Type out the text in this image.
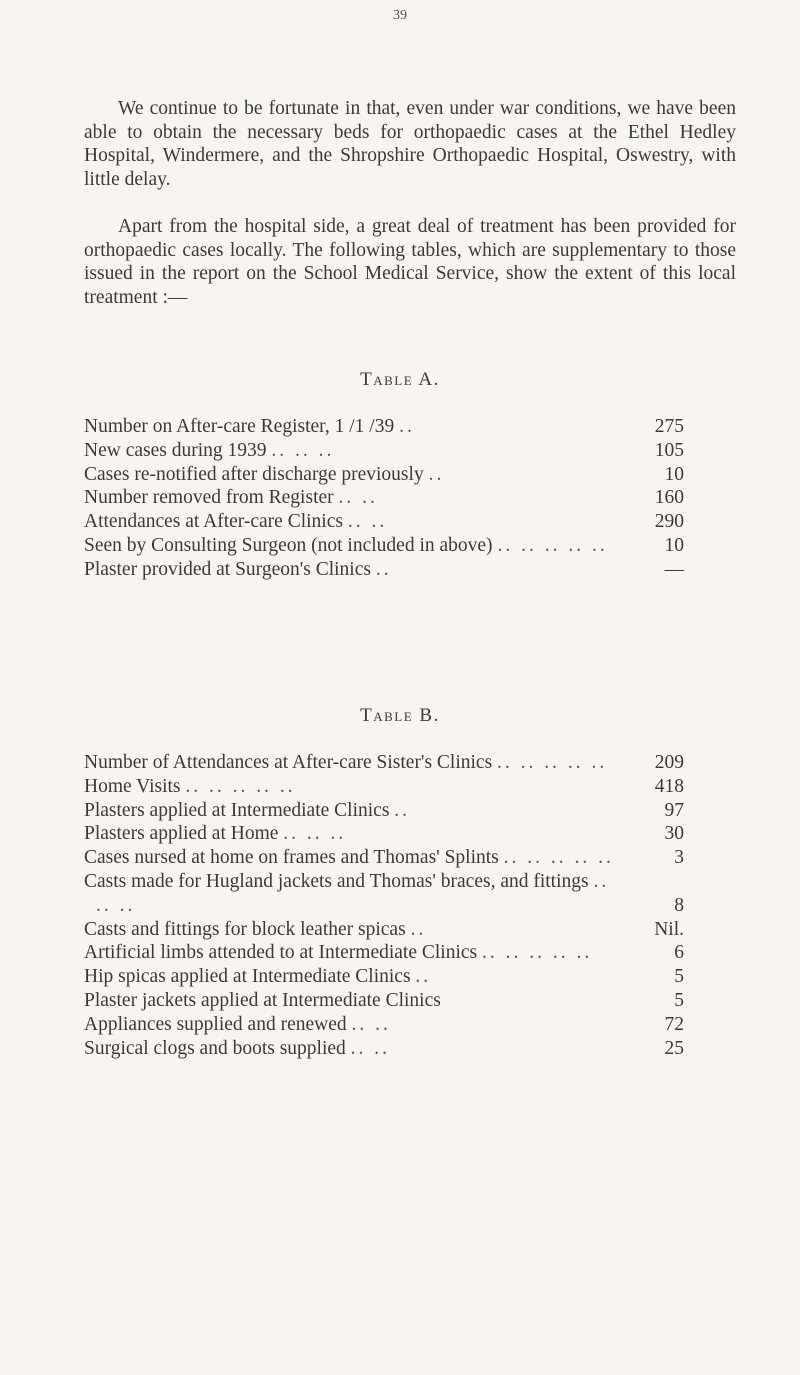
39

We continue to be fortunate in that, even under war conditions, we have been able to obtain the necessary beds for orthopaedic cases at the Ethel Hedley Hospital, Windermere, and the Shropshire Orthopaedic Hospital, Oswestry, with little delay.

Apart from the hospital side, a great deal of treatment has been provided for orthopaedic cases locally. The following tables, which are supplementary to those issued in the report on the School Medical Service, show the extent of this local treatment :—

Table A.
Number on After-care Register, 1 /1 /39 ..	275
New cases during 1939 .. .. ..	105
Cases re-notified after discharge previously ..	10
Number removed from Register .. ..	160
Attendances at After-care Clinics .. ..	290
Seen by Consulting Surgeon (not included in above) .. .. .. .. ..	10
Plaster provided at Surgeon's Clinics ..	—
Table B.
Number of Attendances at After-care Sister's Clinics .. .. .. .. ..	209
Home Visits .. .. .. .. ..	418
Plasters applied at Intermediate Clinics ..	97
Plasters applied at Home .. .. ..	30
Cases nursed at home on frames and Thomas' Splints .. .. .. .. ..	3
Casts made for Hugland jackets and Thomas' braces, and fittings .. .. ..	8
Casts and fittings for block leather spicas ..	Nil.
Artificial limbs attended to at Intermediate Clinics .. .. .. .. ..	6
Hip spicas applied at Intermediate Clinics ..	5
Plaster jackets applied at Intermediate Clinics	5
Appliances supplied and renewed .. ..	72
Surgical clogs and boots supplied .. ..	25
